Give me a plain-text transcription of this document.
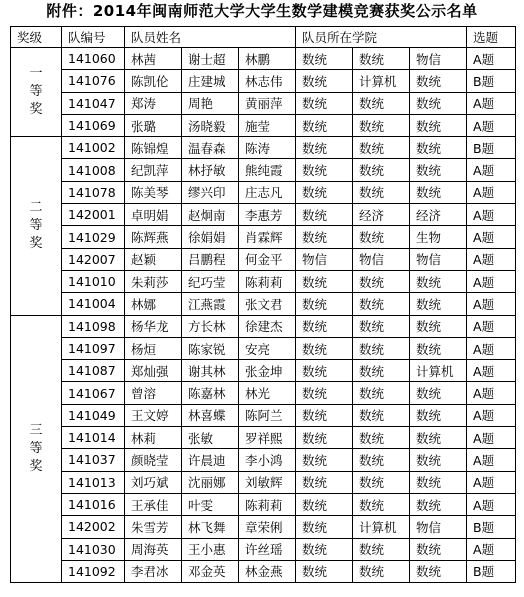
附件：2014年闽南师范大学大学生数学建模竞赛获奖公示名单
奖级	队编号	队员姓名			队员所在学院			选题

一
等
奖	141060	林茜	谢士超	林鹏	数统	数统	物信	A题
	141076	陈凯伦	庄建城	林志伟	数统	计算机	数统	B题
	141047	郑涛	周艳	黄丽萍	数统	数统	数统	A题
	141069	张璐	汤晓毅	施莹	数统	数统	数统	A题

二
等
奖	141002	陈锦煌	温春森	陈涛	数统	数统	数统	B题
	141008	纪凯萍	林抒敏	熊纯霞	数统	数统	数统	A题
	141078	陈美琴	缪兴印	庄志凡	数统	数统	数统	A题
	142001	卓明娟	赵炯南	李惠芳	数统	经济	经济	A题
	141029	陈辉燕	徐娟娟	肖霖辉	数统	数统	生物	A题
	142007	赵颖	吕鹏程	何金平	物信	物信	物信	A题
	141010	朱莉莎	纪巧莹	陈莉莉	数统	数统	数统	A题
	141004	林娜	江燕霞	张文君	数统	数统	数统	A题

三
等
奖	141098	杨华龙	方长林	徐建杰	数统	数统	数统	A题
	141097	杨烜	陈家锐	安亮	数统	数统	数统	A题
	141087	郑灿强	谢其林	张金坤	数统	数统	计算机	A题
	141067	曾溶	陈嘉林	林光	数统	数统	数统	A题
	141049	王文婷	林喜蝶	陈阿兰	数统	数统	数统	A题
	141014	林莉	张敏	罗祥熙	数统	数统	数统	A题
	141037	颜晓莹	许晨迪	李小鸿	数统	数统	数统	A题
	141013	刘巧斌	沈丽娜	刘敏辉	数统	数统	数统	A题
	141016	王承佳	叶雯	陈莉莉	数统	数统	数统	A题
	142002	朱雪芳	林飞舞	章荣俐	数统	计算机	物信	B题
	141030	周海英	王小惠	许丝瑶	数统	数统	数统	A题
	141092	李君冰	邓金英	林金燕	数统	数统	数统	B题
